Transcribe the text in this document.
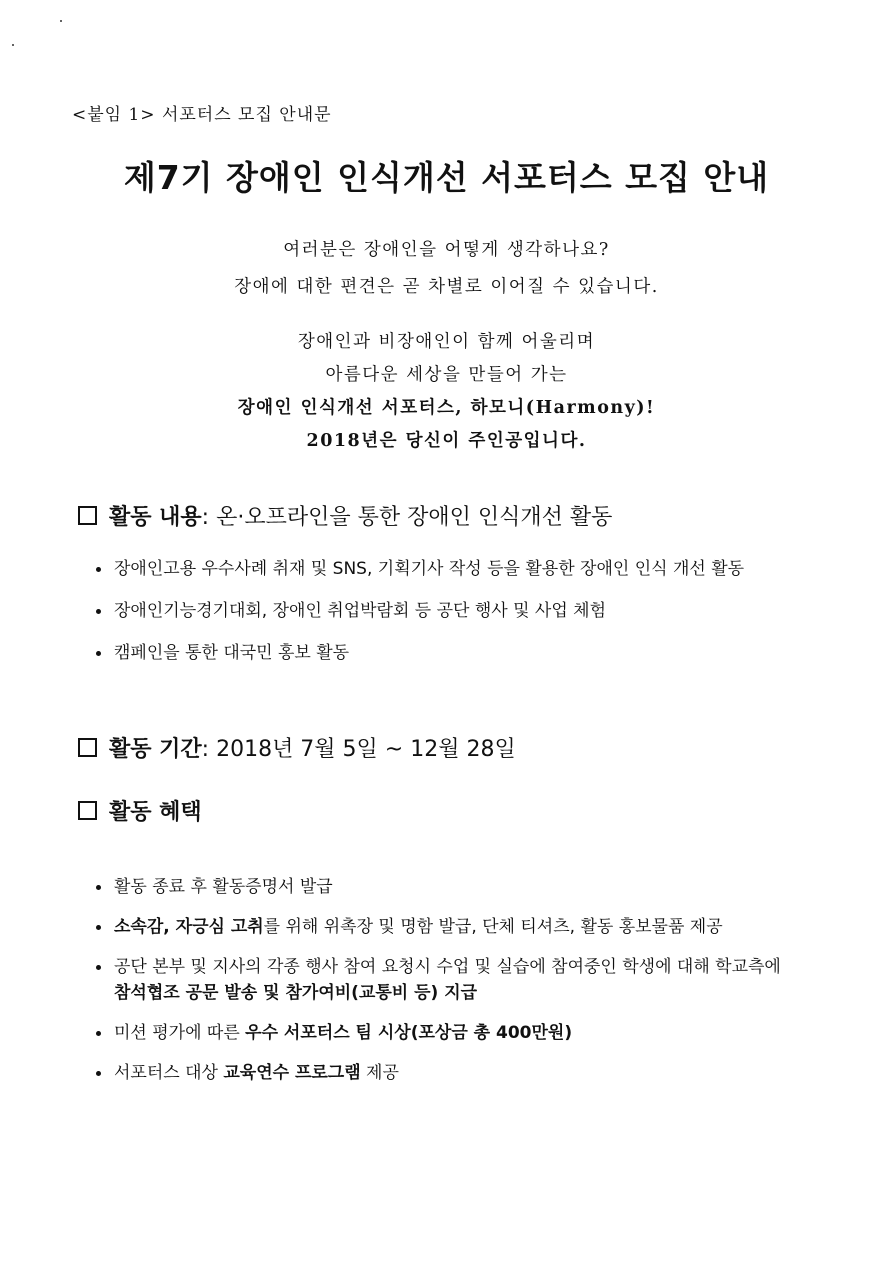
<붙임 1> 서포터스 모집 안내문
제7기 장애인 인식개선 서포터스 모집 안내
여러분은 장애인을 어떻게 생각하나요?
장애에 대한 편견은 곧 차별로 이어질 수 있습니다.
장애인과 비장애인이 함께 어울리며
아름다운 세상을 만들어 가는
장애인 인식개선 서포터스, 하모니(Harmony)!
2018년은 당신이 주인공입니다.
활동 내용: 온·오프라인을 통한 장애인 인식개선 활동
장애인고용 우수사례 취재 및 SNS, 기획기사 작성 등을 활용한 장애인 인식 개선 활동
장애인기능경기대회, 장애인 취업박람회 등 공단 행사 및 사업 체험
캠페인을 통한 대국민 홍보 활동
활동 기간: 2018년 7월 5일 ~ 12월 28일
활동 혜택
활동 종료 후 활동증명서 발급
소속감, 자긍심 고취를 위해 위촉장 및 명함 발급, 단체 티셔츠, 활동 홍보물품 제공
공단 본부 및 지사의 각종 행사 참여 요청시 수업 및 실습에 참여중인 학생에 대해 학교측에 참석협조 공문 발송 및 참가여비(교통비 등) 지급
미션 평가에 따른 우수 서포터스 팀 시상(포상금 총 400만원)
서포터스 대상 교육연수 프로그램 제공
